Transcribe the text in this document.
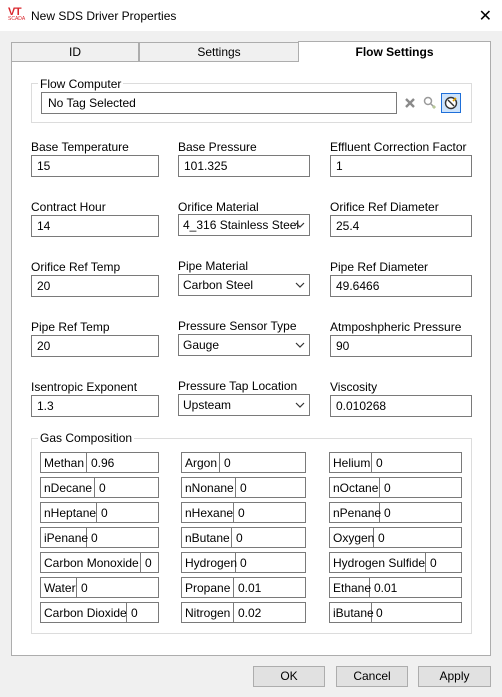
VT
SCADA New SDS Driver Properties	✕
ID	Settings	Flow Settings
Flow Computer
No Tag Selected
Base Temperature
15
Base Pressure
101.325
Effluent Correction Factor
1
Contract Hour
14
Orifice Material
4_316 Stainless Steel
Orifice Ref Diameter
25.4
Orifice Ref Temp
20
Pipe Material
Carbon Steel
Pipe Ref Diameter
49.6466
Pipe Ref Temp
20
Pressure Sensor Type
Gauge
Atmposhpheric Pressure
90
Isentropic Exponent
1.3
Pressure Tap Location
Upsteam
Viscosity
0.010268
Gas Composition
Methan 0.96	Argon 0	Helium 0
nDecane 0	nNonane 0	nOctane 0
nHeptane 0	nHexane 0	nPenane 0
iPenane 0	nButane 0	Oxygen 0
Carbon Monoxide 0	Hydrogen 0	Hydrogen Sulfide 0
Water 0	Propane 0.01	Ethane 0.01
Carbon Dioxide 0	Nitrogen 0.02	iButane 0
OK	Cancel	Apply
